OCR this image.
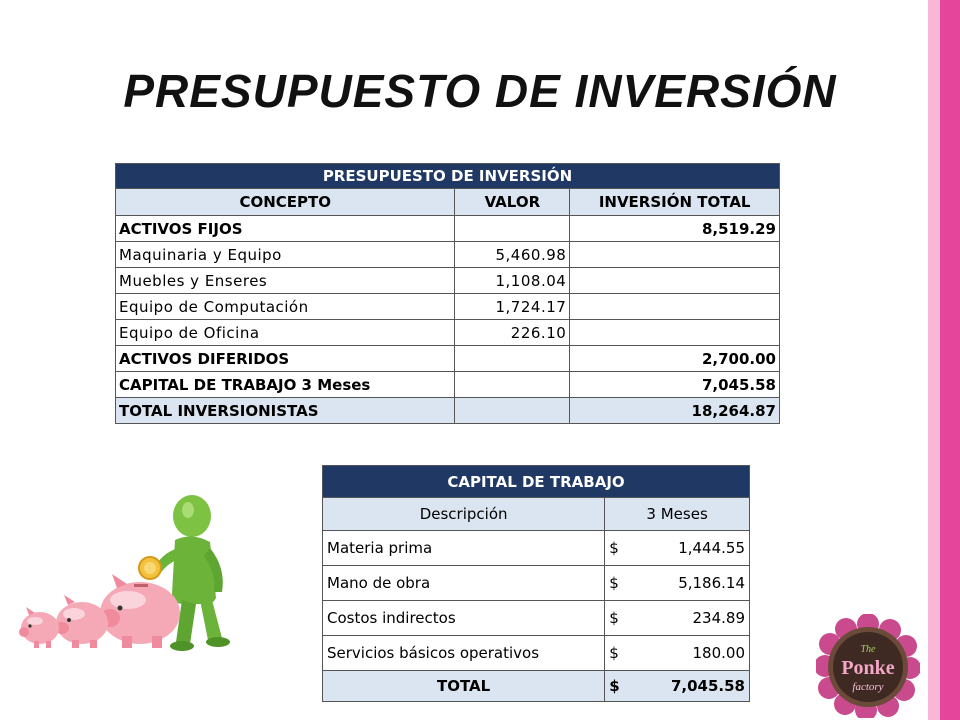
PRESUPUESTO DE INVERSIÓN
PRESUPUESTO DE INVERSIÓN		
CONCEPTO	VALOR	INVERSIÓN TOTAL
ACTIVOS FIJOS		8,519.29
Maquinaria y Equipo	5,460.98	
Muebles y Enseres	1,108.04	
Equipo de Computación	1,724.17	
Equipo de Oficina	226.10	
ACTIVOS DIFERIDOS		2,700.00
CAPITAL DE TRABAJO 3 Meses		7,045.58
TOTAL INVERSIONISTAS		18,264.87
CAPITAL DE TRABAJO	
Descripción	3 Meses
Materia prima	$ 1,444.55

Mano de obra	$ 5,186.14

Costos indirectos	$ 234.89

Servicios básicos operativos	$ 180.00

TOTAL	$ 7,045.58
The
Ponke
factory
